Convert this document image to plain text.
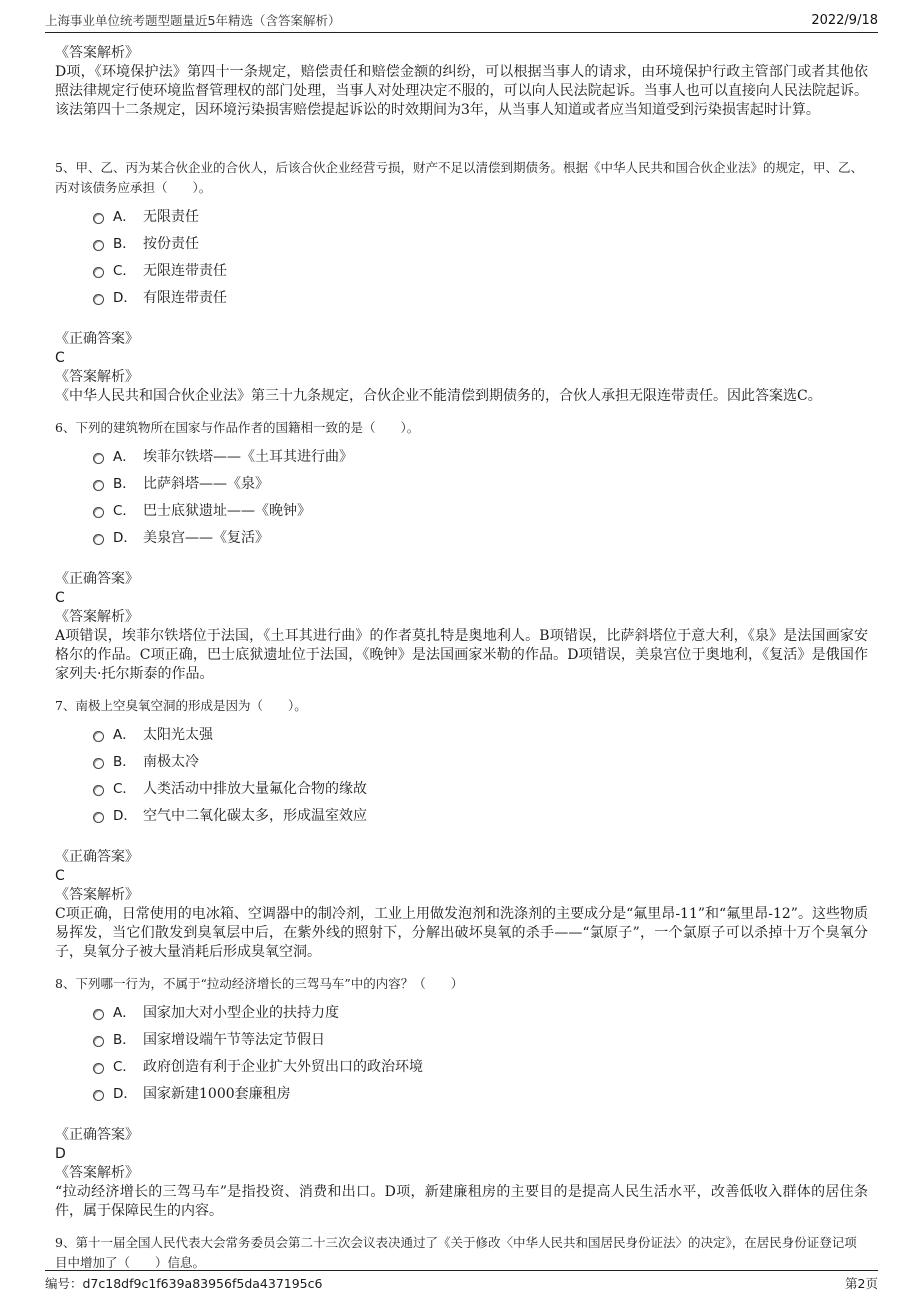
上海事业单位统考题型题量近5年精选（含答案解析）	2022/9/18
《答案解析》
D项，《环境保护法》第四十一条规定，赔偿责任和赔偿金额的纠纷，可以根据当事人的请求，由环境保护行政主管部门或者其他依照法律规定行使环境监督管理权的部门处理，当事人对处理决定不服的，可以向人民法院起诉。当事人也可以直接向人民法院起诉。该法第四十二条规定，因环境污染损害赔偿提起诉讼的时效期间为3年，从当事人知道或者应当知道受到污染损害起时计算。
5、甲、乙、丙为某合伙企业的合伙人，后该合伙企业经营亏损，财产不足以清偿到期债务。根据《中华人民共和国合伙企业法》的规定，甲、乙、丙对该债务应承担（　　）。
A． 无限责任
B． 按份责任
C． 无限连带责任
D． 有限连带责任
《正确答案》
C
《答案解析》
《中华人民共和国合伙企业法》第三十九条规定，合伙企业不能清偿到期债务的，合伙人承担无限连带责任。因此答案选C。
6、下列的建筑物所在国家与作品作者的国籍相一致的是（　　）。
A． 埃菲尔铁塔——《土耳其进行曲》
B． 比萨斜塔——《泉》
C． 巴士底狱遗址——《晚钟》
D． 美泉宫——《复活》
《正确答案》
C
《答案解析》
A项错误，埃菲尔铁塔位于法国，《土耳其进行曲》的作者莫扎特是奥地利人。B项错误，比萨斜塔位于意大利，《泉》是法国画家安格尔的作品。C项正确，巴士底狱遗址位于法国，《晚钟》是法国画家米勒的作品。D项错误，美泉宫位于奥地利，《复活》是俄国作家列夫·托尔斯泰的作品。
7、南极上空臭氧空洞的形成是因为（　　）。
A． 太阳光太强
B． 南极太冷
C． 人类活动中排放大量氟化合物的缘故
D． 空气中二氧化碳太多，形成温室效应
《正确答案》
C
《答案解析》
C项正确，日常使用的电冰箱、空调器中的制冷剂，工业上用做发泡剂和洗涤剂的主要成分是“氟里昂-11”和“氟里昂-12”。这些物质易挥发，当它们散发到臭氧层中后，在紫外线的照射下，分解出破坏臭氧的杀手——“氯原子”，一个氯原子可以杀掉十万个臭氧分子，臭氧分子被大量消耗后形成臭氧空洞。
8、下列哪一行为，不属于“拉动经济增长的三驾马车”中的内容？（　　）
A． 国家加大对小型企业的扶持力度
B． 国家增设端午节等法定节假日
C． 政府创造有利于企业扩大外贸出口的政治环境
D． 国家新建1000套廉租房
《正确答案》
D
《答案解析》
“拉动经济增长的三驾马车”是指投资、消费和出口。D项，新建廉租房的主要目的是提高人民生活水平，改善低收入群体的居住条件，属于保障民生的内容。
9、第十一届全国人民代表大会常务委员会第二十三次会议表决通过了《关于修改〈中华人民共和国居民身份证法〉的决定》，在居民身份证登记项目中增加了（　　）信息。
编号：d7c18df9c1f639a83956f5da437195c6	第2页
